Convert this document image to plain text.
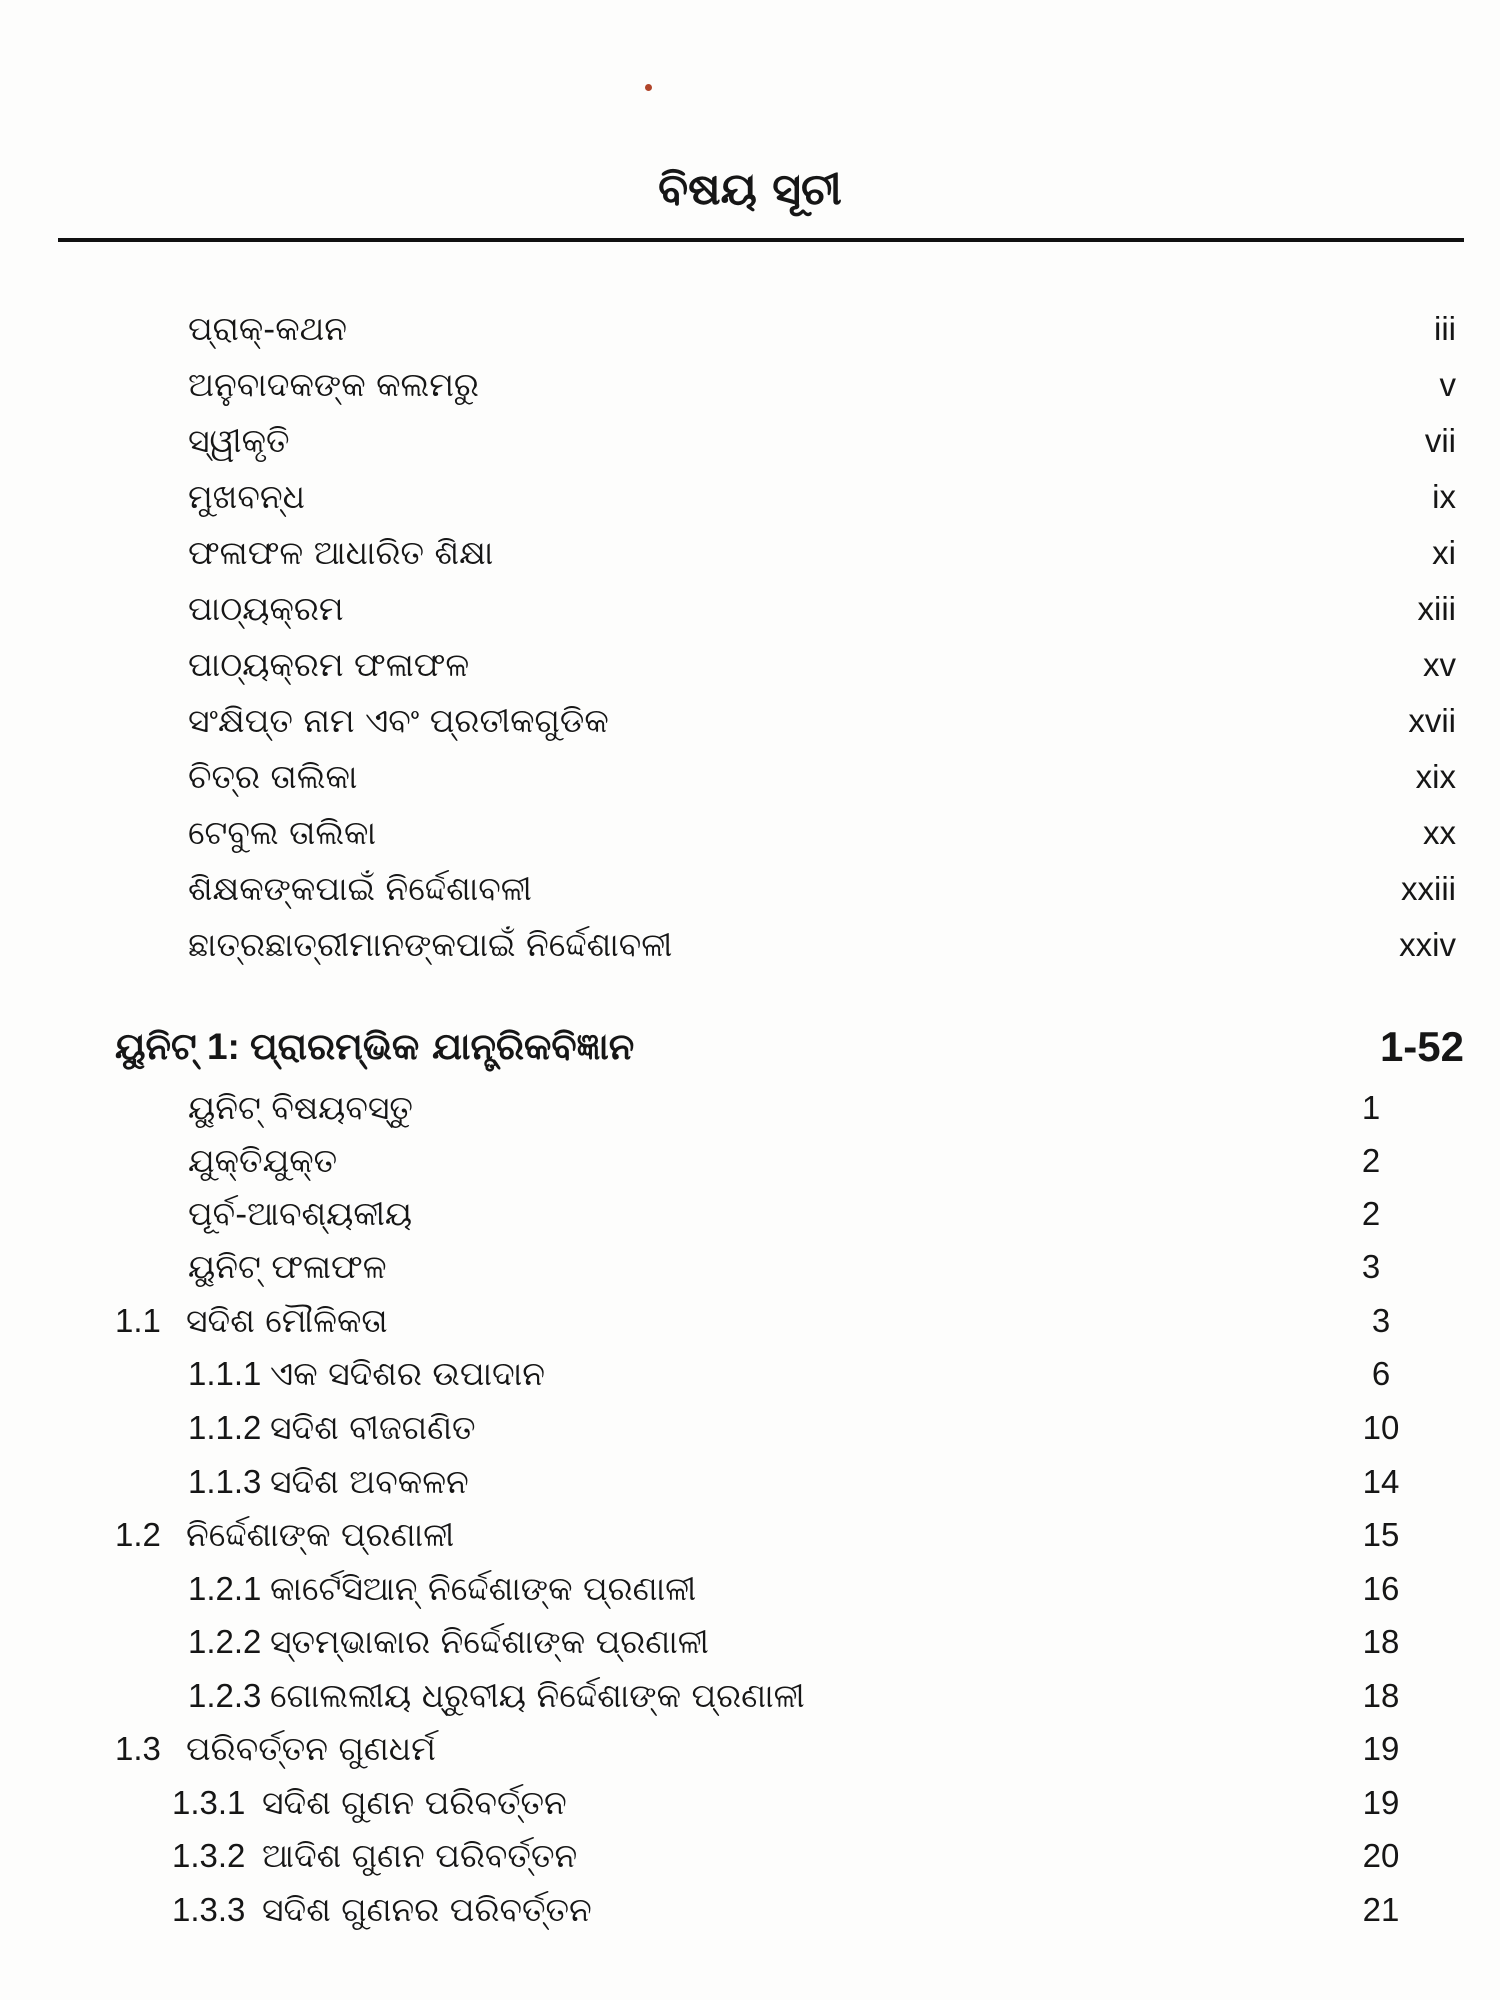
ବିଷୟ ସୂଚୀ
ପ୍ରାକ୍-କଥନ	iii
ଅନୁବାଦକଙ୍କ କଲମରୁ	v
ସ୍ୱୀକୃତି	vii
ମୁଖବନ୍ଧ	ix
ଫଳାଫଳ ଆଧାରିତ ଶିକ୍ଷା	xi
ପାଠ୍ୟକ୍ରମ	xiii
ପାଠ୍ୟକ୍ରମ ଫଳାଫଳ	xv
ସଂକ୍ଷିପ୍ତ ନାମ ଏବଂ ପ୍ରତୀକଗୁଡିକ	xvii
ଚିତ୍ର ତାଲିକା	xix
ଟେବୁଲ ତାଲିକା	xx
ଶିକ୍ଷକଙ୍କପାଇଁ ନିର୍ଦ୍ଦେଶାବଳୀ	xxiii
ଛାତ୍ରଛାତ୍ରୀମାନଙ୍କପାଇଁ ନିର୍ଦ୍ଦେଶାବଳୀ	xxiv
ୟୁନିଟ୍ 1: ପ୍ରାରମ୍ଭିକ ଯାନ୍ତ୍ରିକବିଜ୍ଞାନ	1-52
ୟୁନିଟ୍ ବିଷୟବସ୍ତୁ	1
ଯୁକ୍ତିଯୁକ୍ତ	2
ପୂର୍ବ-ଆବଶ୍ୟକୀୟ	2
ୟୁନିଟ୍ ଫଳାଫଳ	3
1.1 ସଦିଶ ମୌଳିକତା	3
1.1.1 ଏକ ସଦିଶର ଉପାଦାନ	6
1.1.2 ସଦିଶ ବୀଜଗଣିତ	10
1.1.3 ସଦିଶ ଅବକଳନ	14
1.2 ନିର୍ଦ୍ଦେଶାଙ୍କ ପ୍ରଣାଳୀ	15
1.2.1 କାର୍ଟେସିଆନ୍ ନିର୍ଦ୍ଦେଶାଙ୍କ ପ୍ରଣାଳୀ	16
1.2.2 ସ୍ତମ୍ଭାକାର ନିର୍ଦ୍ଦେଶାଙ୍କ ପ୍ରଣାଳୀ	18
1.2.3 ଗୋଲଲୀୟ ଧ୍ରୁବୀୟ ନିର୍ଦ୍ଦେଶାଙ୍କ ପ୍ରଣାଳୀ	18
1.3 ପରିବର୍ତ୍ତନ ଗୁଣଧର୍ମ	19
1.3.1 ସଦିଶ ଗୁଣନ ପରିବର୍ତ୍ତନ	19
1.3.2 ଆଦିଶ ଗୁଣନ ପରିବର୍ତ୍ତନ	20
1.3.3 ସଦିଶ ଗୁଣନର ପରିବର୍ତ୍ତନ	21
